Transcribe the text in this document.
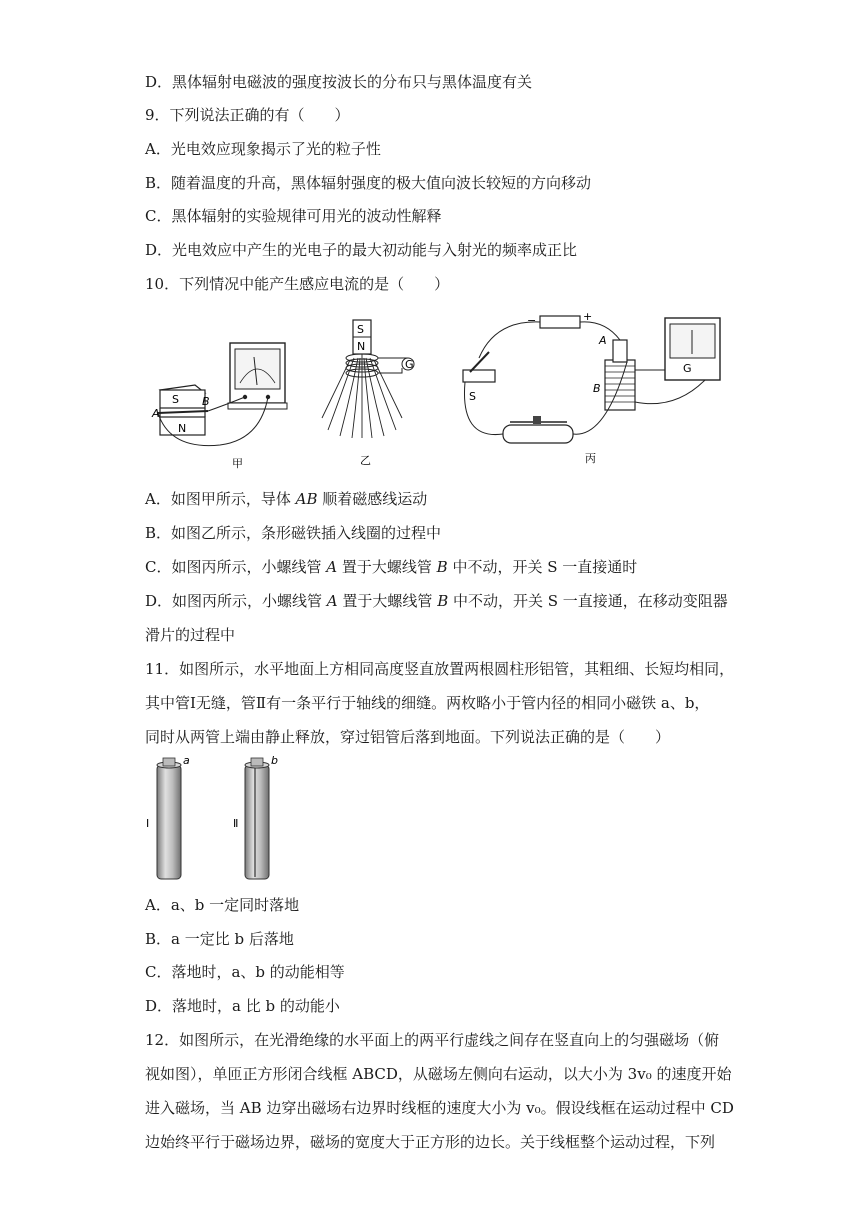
D．黑体辐射电磁波的强度按波长的分布只与黑体温度有关
9．下列说法正确的有（　　）
A．光电效应现象揭示了光的粒子性
B．随着温度的升高，黑体辐射强度的极大值向波长较短的方向移动
C．黑体辐射的实验规律可用光的波动性解释
D．光电效应中产生的光电子的最大初动能与入射光的频率成正比
10．下列情况中能产生感应电流的是（　　）
S
N
A
B
甲
S
N
G
乙
−	+
S
A
B
G
丙
A．如图甲所示，导体 AB 顺着磁感线运动
B．如图乙所示，条形磁铁插入线圈的过程中
C．如图丙所示，小螺线管 A 置于大螺线管 B 中不动，开关 S 一直接通时
D．如图丙所示，小螺线管 A 置于大螺线管 B 中不动，开关 S 一直接通，在移动变阻器
滑片的过程中
11．如图所示，水平地面上方相同高度竖直放置两根圆柱形铝管，其粗细、长短均相同，
其中管Ⅰ无缝，管Ⅱ有一条平行于轴线的细缝。两枚略小于管内径的相同小磁铁 a、b，
同时从两管上端由静止释放，穿过铝管后落到地面。下列说法正确的是（　　）
a
Ⅰ
b
Ⅱ
A．a、b 一定同时落地
B．a 一定比 b 后落地
C．落地时，a、b 的动能相等
D．落地时，a 比 b 的动能小
12．如图所示，在光滑绝缘的水平面上的两平行虚线之间存在竖直向上的匀强磁场（俯
视如图），单匝正方形闭合线框 ABCD，从磁场左侧向右运动，以大小为 3v₀ 的速度开始
进入磁场，当 AB 边穿出磁场右边界时线框的速度大小为 v₀。假设线框在运动过程中 CD
边始终平行于磁场边界，磁场的宽度大于正方形的边长。关于线框整个运动过程，下列
